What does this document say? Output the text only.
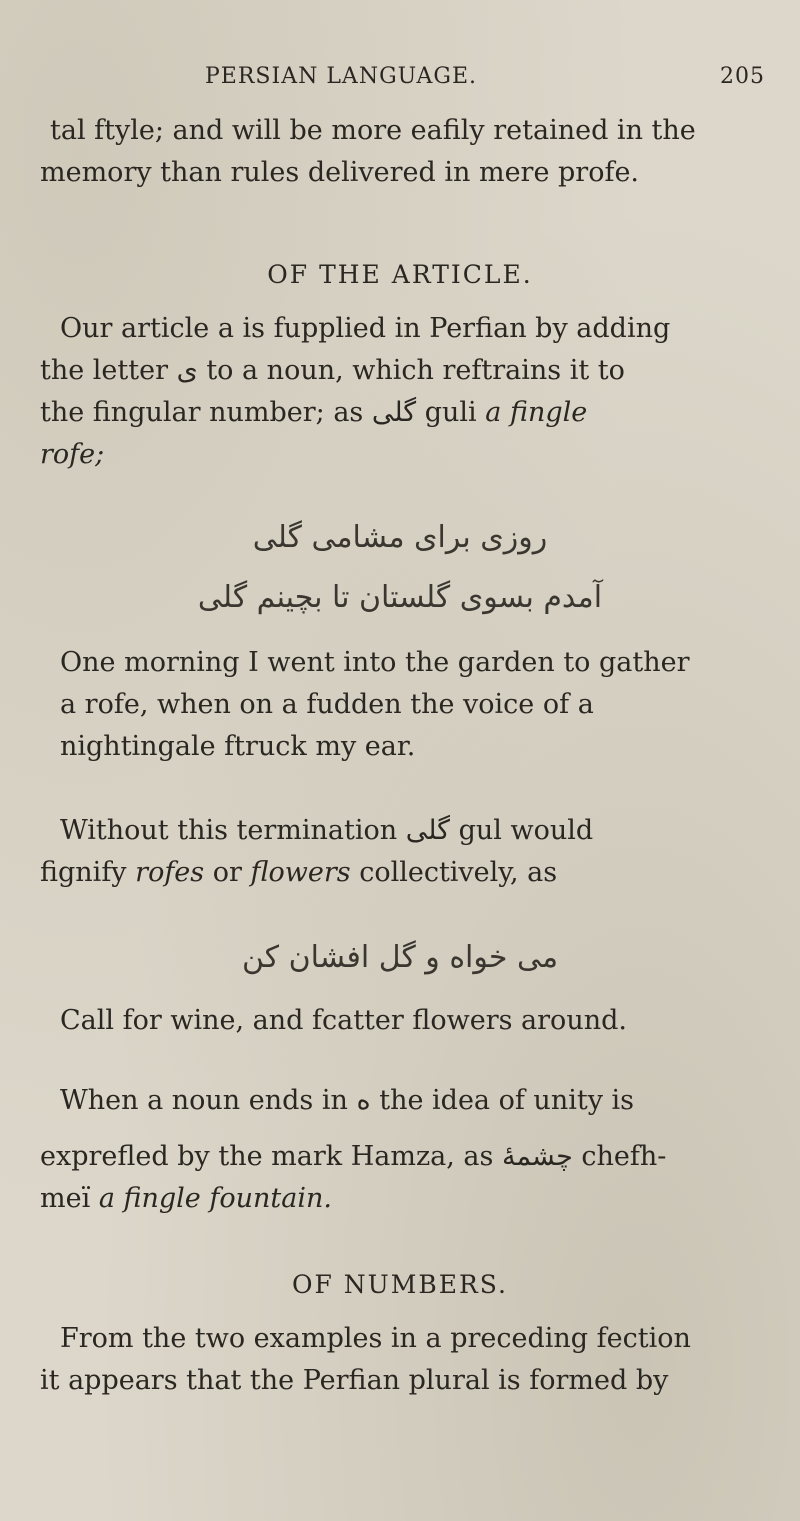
PERSIAN LANGUAGE.	205
tal ftyle; and will be more eafily retained in the
memory than rules delivered in mere profe.
OF THE ARTICLE.
Our article a is fupplied in Perfian by adding
the letter ی to a noun, which reftrains it to
the fingular number; as گلی guli a fingle
rofe;
روزی برای مشامی گلی
آمدم بسوی گلستان تا بچینم گلی
One morning I went into the garden to gather
a rofe, when on a fudden the voice of a
nightingale ftruck my ear.
Without this termination گلی gul would
fignify rofes or flowers collectively, as
می خواه و گل افشان کن
Call for wine, and fcatter flowers around.
When a noun ends in ه the idea of unity is
exprefled by the mark Hamza, as چشمهٔ chefh-
meï a fingle fountain.
OF NUMBERS.
From the two examples in a preceding fection
it appears that the Perfian plural is formed by
